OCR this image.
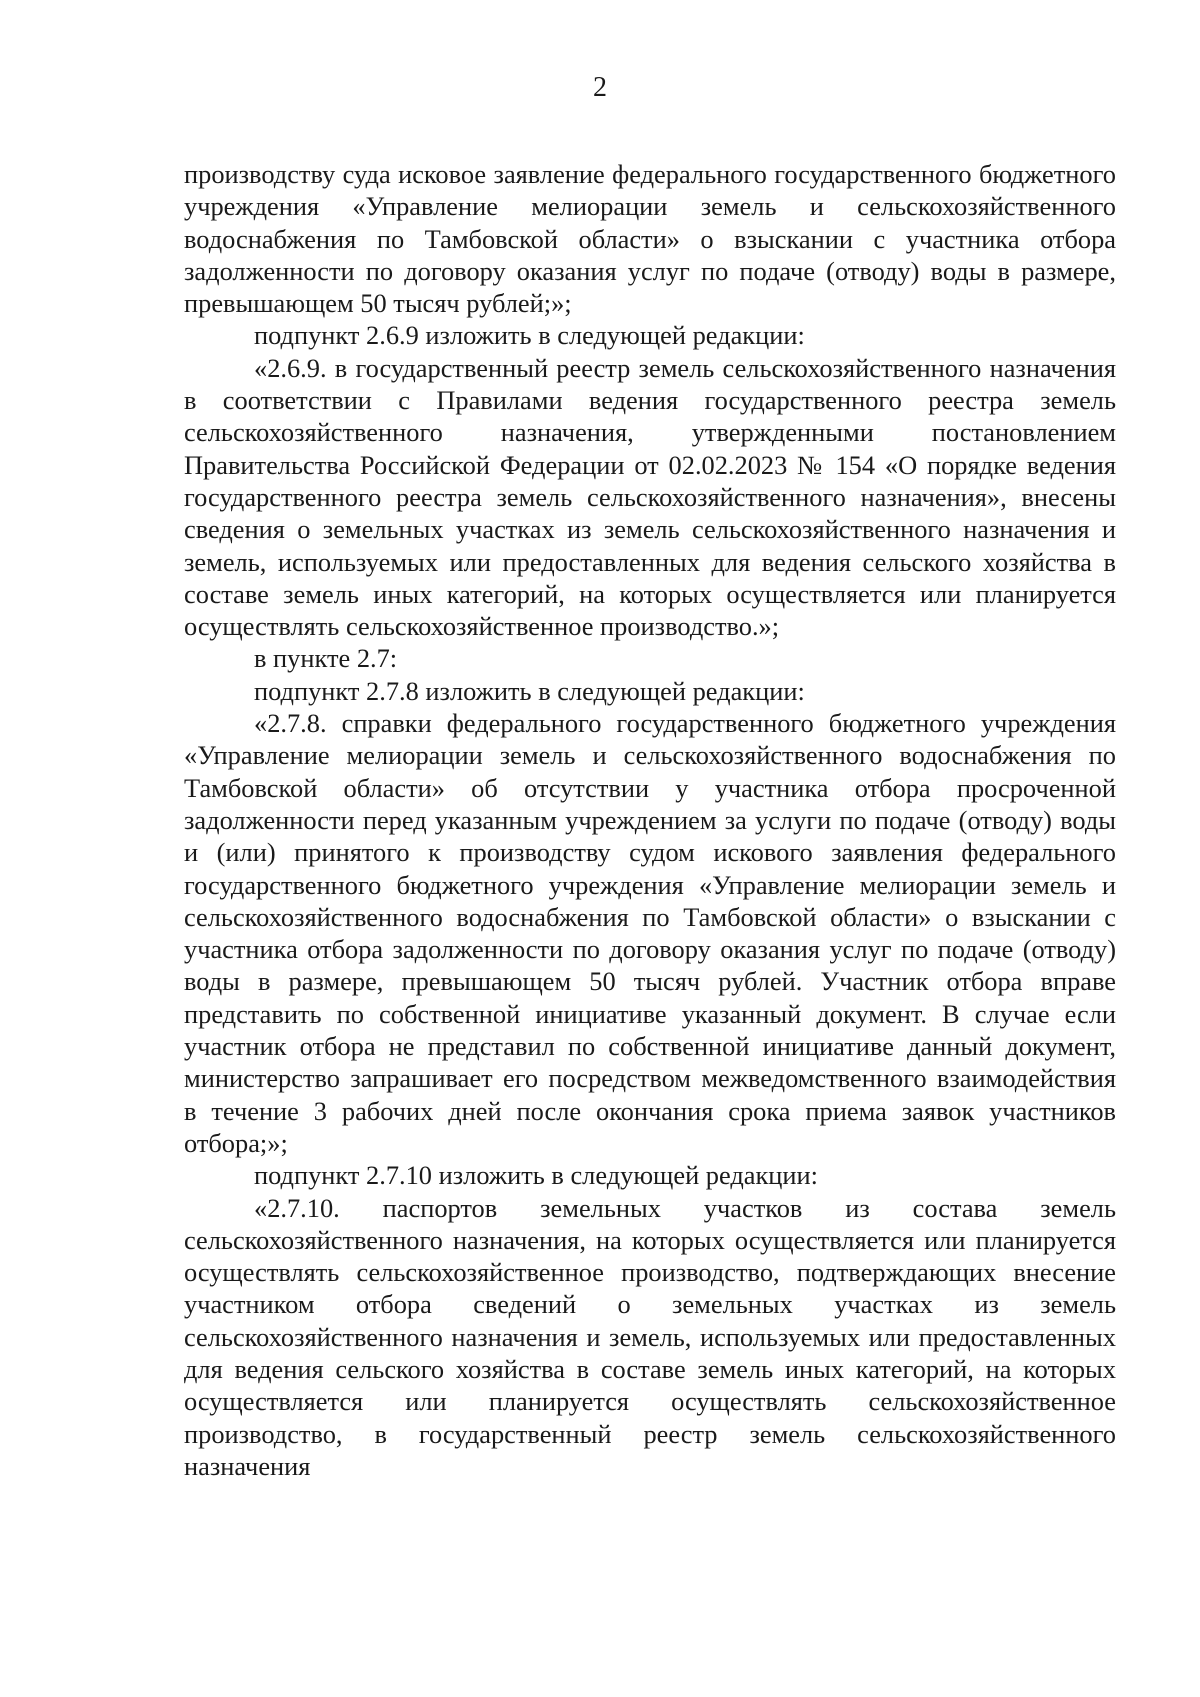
2

производству суда исковое заявление федерального государственного бюджетного учреждения «Управление мелиорации земель и сельскохозяйственного водоснабжения по Тамбовской области» о взыскании с участника отбора задолженности по договору оказания услуг по подаче (отводу) воды в размере, превышающем 50 тысяч рублей;»;

подпункт 2.6.9 изложить в следующей редакции:

«2.6.9. в государственный реестр земель сельскохозяйственного назначения в соответствии с Правилами ведения государственного реестра земель сельскохозяйственного назначения, утвержденными постановлением Правительства Российской Федерации от 02.02.2023 № 154 «О порядке ведения государственного реестра земель сельскохозяйственного назначения», внесены сведения о земельных участках из земель сельскохозяйственного назначения и земель, используемых или предоставленных для ведения сельского хозяйства в составе земель иных категорий, на которых осуществляется или планируется осуществлять сельскохозяйственное производство.»;

в пункте 2.7:

подпункт 2.7.8 изложить в следующей редакции:

«2.7.8. справки федерального государственного бюджетного учреждения «Управление мелиорации земель и сельскохозяйственного водоснабжения по Тамбовской области» об отсутствии у участника отбора просроченной задолженности перед указанным учреждением за услуги по подаче (отводу) воды и (или) принятого к производству судом искового заявления федерального государственного бюджетного учреждения «Управление мелиорации земель и сельскохозяйственного водоснабжения по Тамбовской области» о взыскании с участника отбора задолженности по договору оказания услуг по подаче (отводу) воды в размере, превышающем 50 тысяч рублей. Участник отбора вправе представить по собственной инициативе указанный документ. В случае если участник отбора не представил по собственной инициативе данный документ, министерство запрашивает его посредством межведомственного взаимодействия в течение 3 рабочих дней после окончания срока приема заявок участников отбора;»;

подпункт 2.7.10 изложить в следующей редакции:

«2.7.10. паспортов земельных участков из состава земель сельскохозяйственного назначения, на которых осуществляется или планируется осуществлять сельскохозяйственное производство, подтверждающих внесение участником отбора сведений о земельных участках из земель сельскохозяйственного назначения и земель, используемых или предоставленных для ведения сельского хозяйства в составе земель иных категорий, на которых осуществляется или планируется осуществлять сельскохозяйственное производство, в государственный реестр земель сельскохозяйственного назначения
